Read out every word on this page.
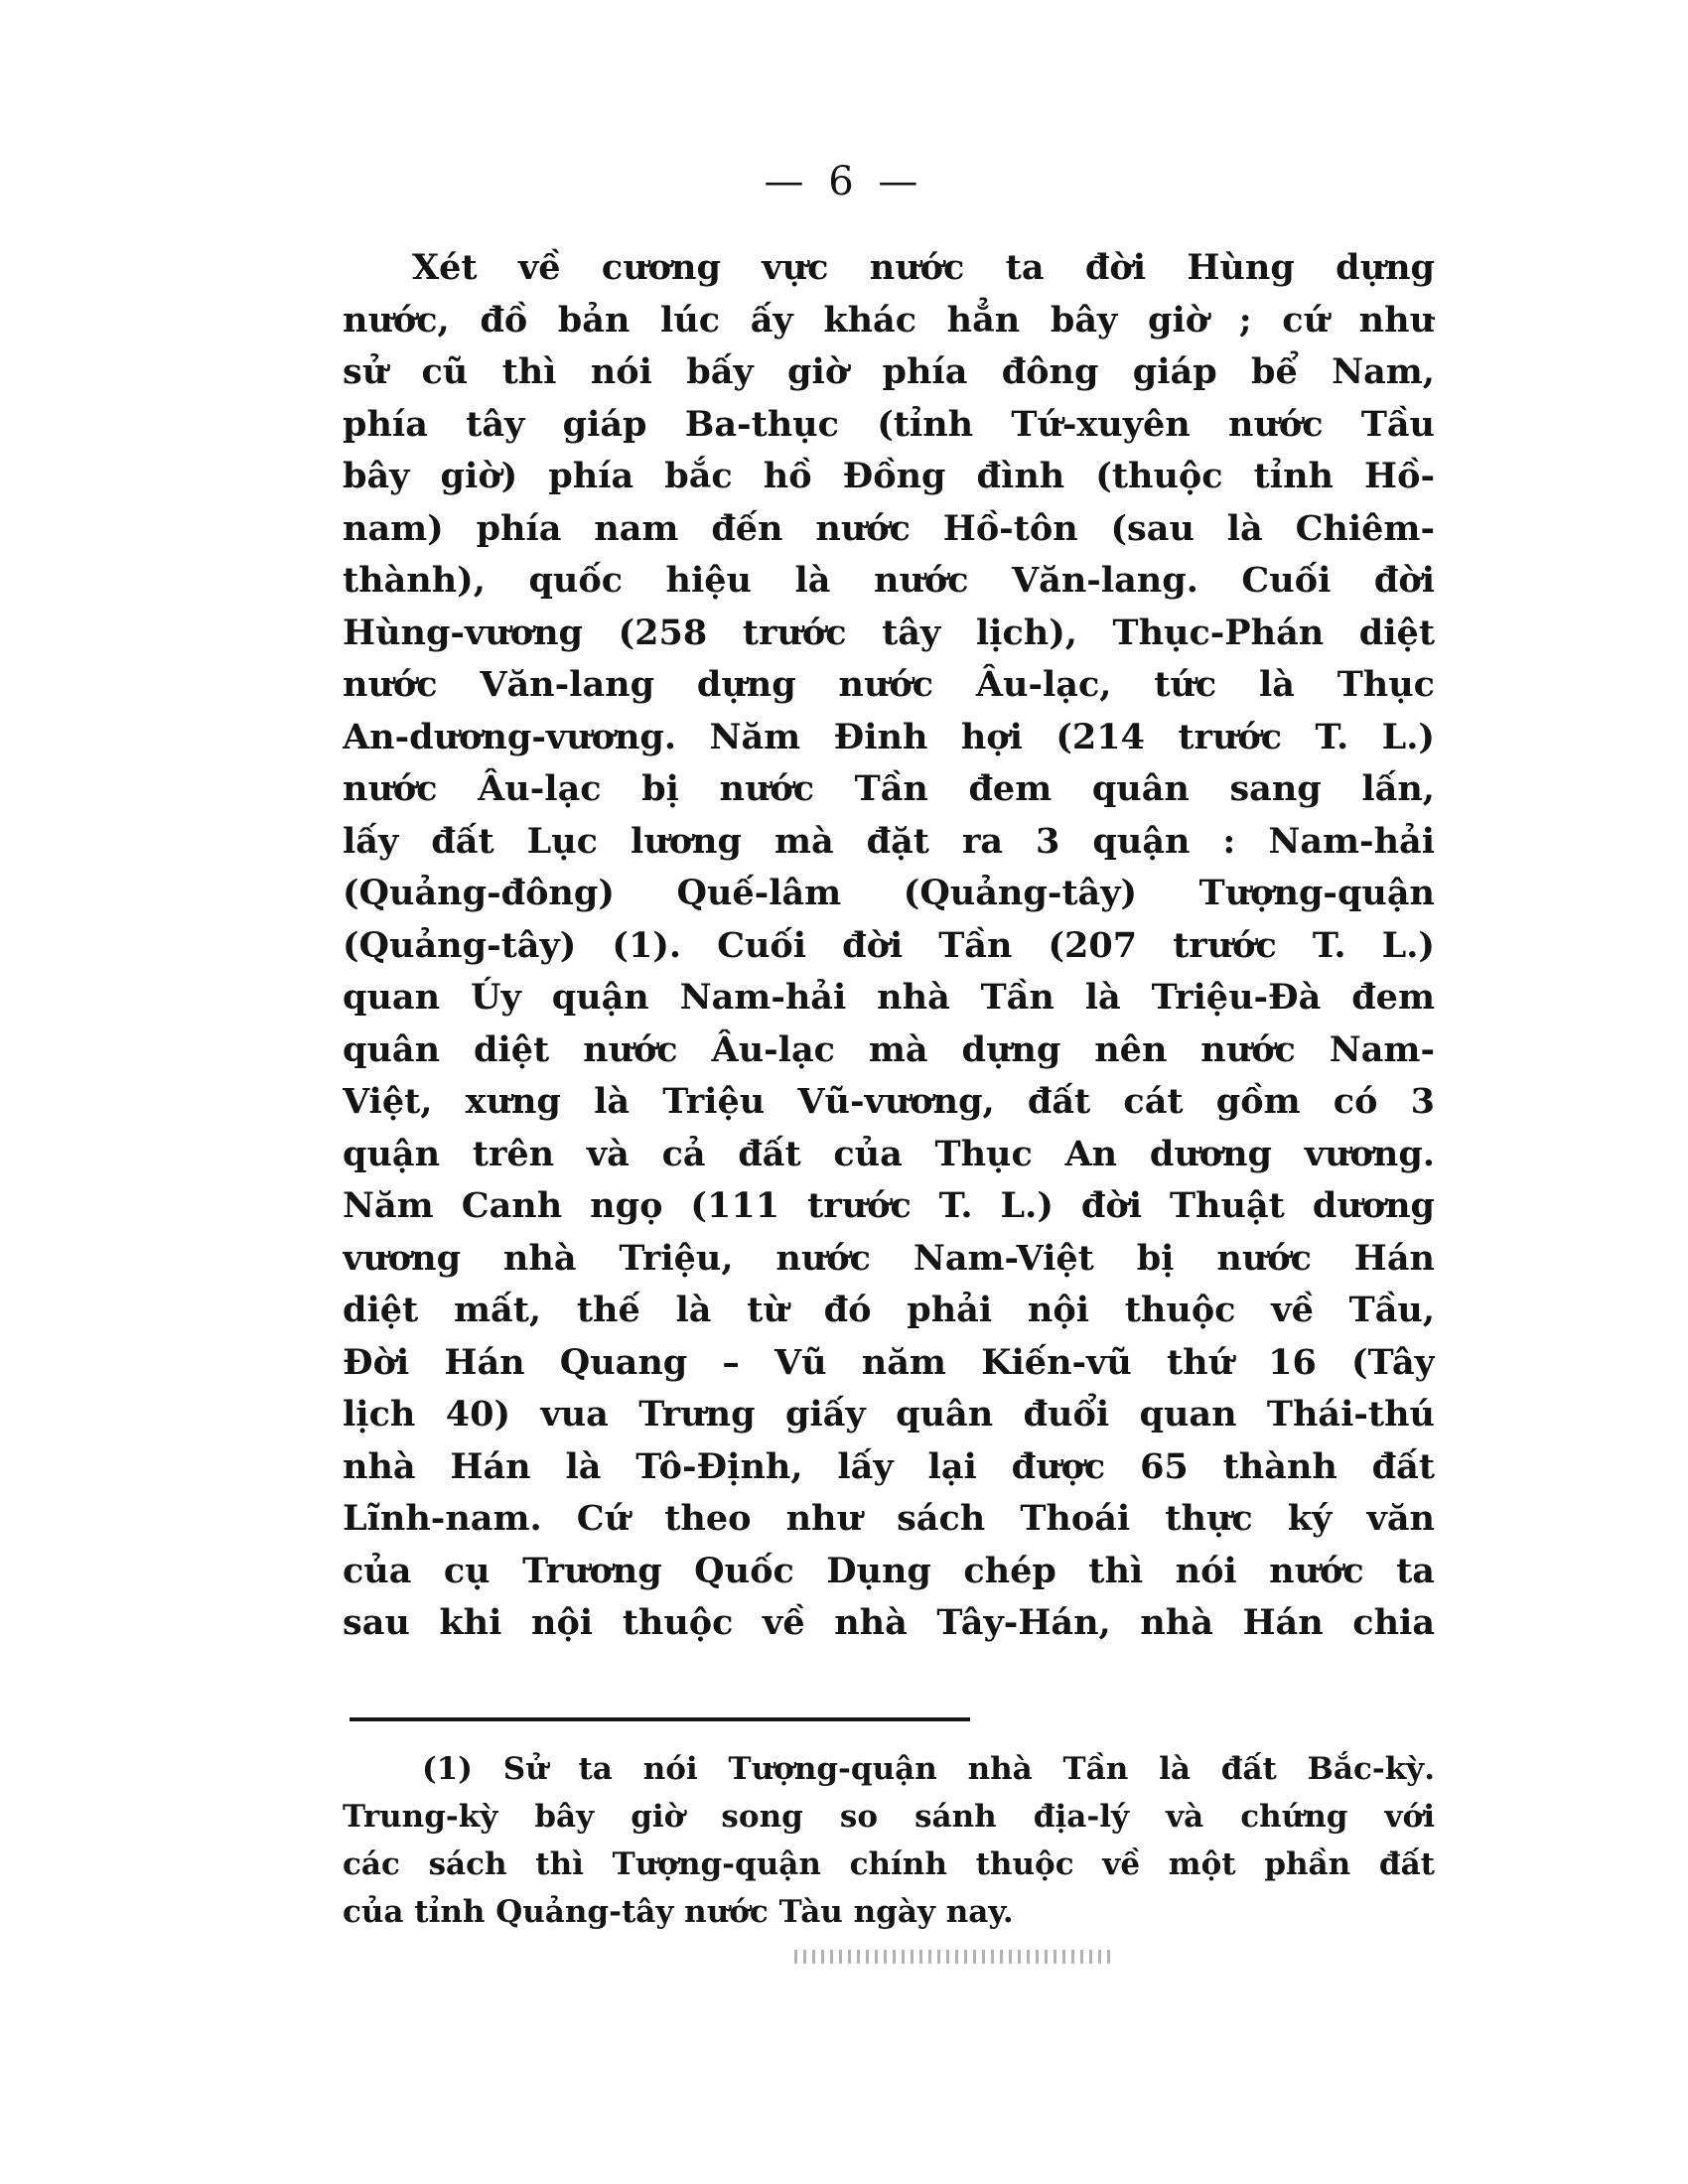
— 6 —
Xét về cương vực nước ta đời Hùng dựng
nước, đồ bản lúc ấy khác hẳn bây giờ ; cứ như
sử cũ thì nói bấy giờ phía đông giáp bể Nam,
phía tây giáp Ba-thục (tỉnh Tứ-xuyên nước Tầu
bây giờ) phía bắc hồ Đồng đình (thuộc tỉnh Hồ-
nam) phía nam đến nước Hồ-tôn (sau là Chiêm-
thành), quốc hiệu là nước Văn-lang. Cuối đời
Hùng-vương (258 trước tây lịch), Thục-Phán diệt
nước Văn-lang dựng nước Âu-lạc, tức là Thục
An-dương-vương. Năm Đinh hợi (214 trước T. L.)
nước Âu-lạc bị nước Tần đem quân sang lấn,
lấy đất Lục lương mà đặt ra 3 quận : Nam-hải
(Quảng-đông) Quế-lâm (Quảng-tây) Tượng-quận
(Quảng-tây) (1). Cuối đời Tần (207 trước T. L.)
quan Úy quận Nam-hải nhà Tần là Triệu-Đà đem
quân diệt nước Âu-lạc mà dựng nên nước Nam-
Việt, xưng là Triệu Vũ-vương, đất cát gồm có 3
quận trên và cả đất của Thục An dương vương.
Năm Canh ngọ (111 trước T. L.) đời Thuật dương
vương nhà Triệu, nước Nam-Việt bị nước Hán
diệt mất, thế là từ đó phải nội thuộc về Tầu,
Đời Hán Quang – Vũ năm Kiến-vũ thứ 16 (Tây
lịch 40) vua Trưng giấy quân đuổi quan Thái-thú
nhà Hán là Tô-Định, lấy lại được 65 thành đất
Lĩnh-nam. Cứ theo như sách Thoái thực ký văn
của cụ Trương Quốc Dụng chép thì nói nước ta
sau khi nội thuộc về nhà Tây-Hán, nhà Hán chia
(1) Sử ta nói Tượng-quận nhà Tần là đất Bắc-kỳ.
Trung-kỳ bây giờ song so sánh địa-lý và chứng với
các sách thì Tượng-quận chính thuộc về một phần đất
của tỉnh Quảng-tây nước Tàu ngày nay.
